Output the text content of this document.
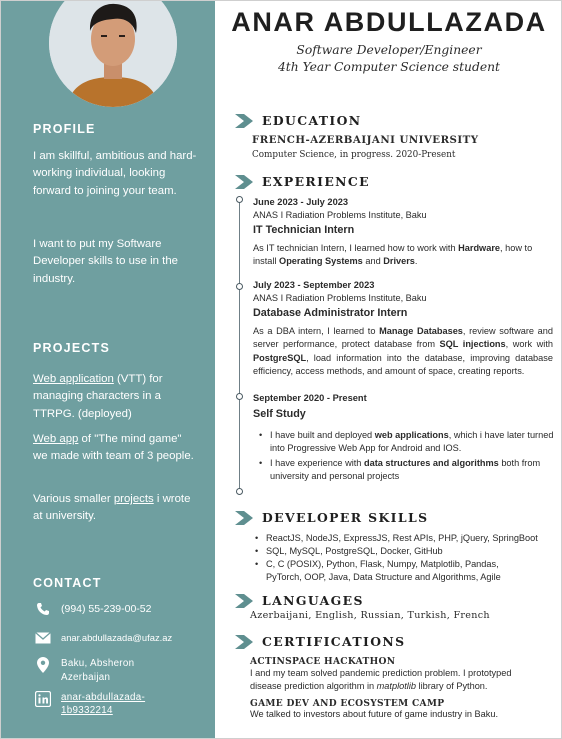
PROFILE

I am skillful, ambitious and hard-working individual, looking forward to joining your team.

I want to put my Software Developer skills to use in the industry.

PROJECTS

Web application (VTT) for managing characters in a TTRPG. (deployed)

Web app of "The mind game" we made with team of 3 people.

Various smaller projects i wrote at university.

CONTACT
(994) 55-239-00-52
anar.abdullazada@ufaz.az
Baku, Absheron
Azerbaijan
anar-abdullazada-
1b9332214
ANAR ABDULLAZADA
Software Developer/Engineer
4th Year Computer Science student
EDUCATION
FRENCH-AZERBAIJANI UNIVERSITY
Computer Science, in progress. 2020-Present
EXPERIENCE
June 2023 - July 2023
ANAS I Radiation Problems Institute, Baku
IT Technician Intern
As IT technician Intern, I learned how to work with Hardware, how to install Operating Systems and Drivers.
July 2023 - September 2023
ANAS I Radiation Problems Institute, Baku
Database Administrator Intern
As a DBA intern, I learned to Manage Databases, review software and server performance, protect database from SQL injections, work with PostgreSQL, load information into the database, improving database efficiency, access methods, and amount of space, creating reports.
September 2020 - Present
Self Study
• I have built and deployed web applications, which i have later turned into Progressive Web App for Android and IOS.
• I have experience with data structures and algorithms both from university and personal projects
DEVELOPER SKILLS
• ReactJS, NodeJS, ExpressJS, Rest APIs, PHP, jQuery, SpringBoot
• SQL, MySQL, PostgreSQL, Docker, GitHub
• C, C (POSIX), Python, Flask, Numpy, Matplotlib, Pandas, PyTorch, OOP, Java, Data Structure and Algorithms, Agile
LANGUAGES
Azerbaijani, English, Russian, Turkish, French
CERTIFICATIONS
ACTINSPACE HACKATHON
I and my team solved pandemic prediction problem. I prototyped disease prediction algorithm in matplotlib library of Python.
GAME DEV AND ECOSYSTEM CAMP
We talked to investors about future of game industry in Baku.
